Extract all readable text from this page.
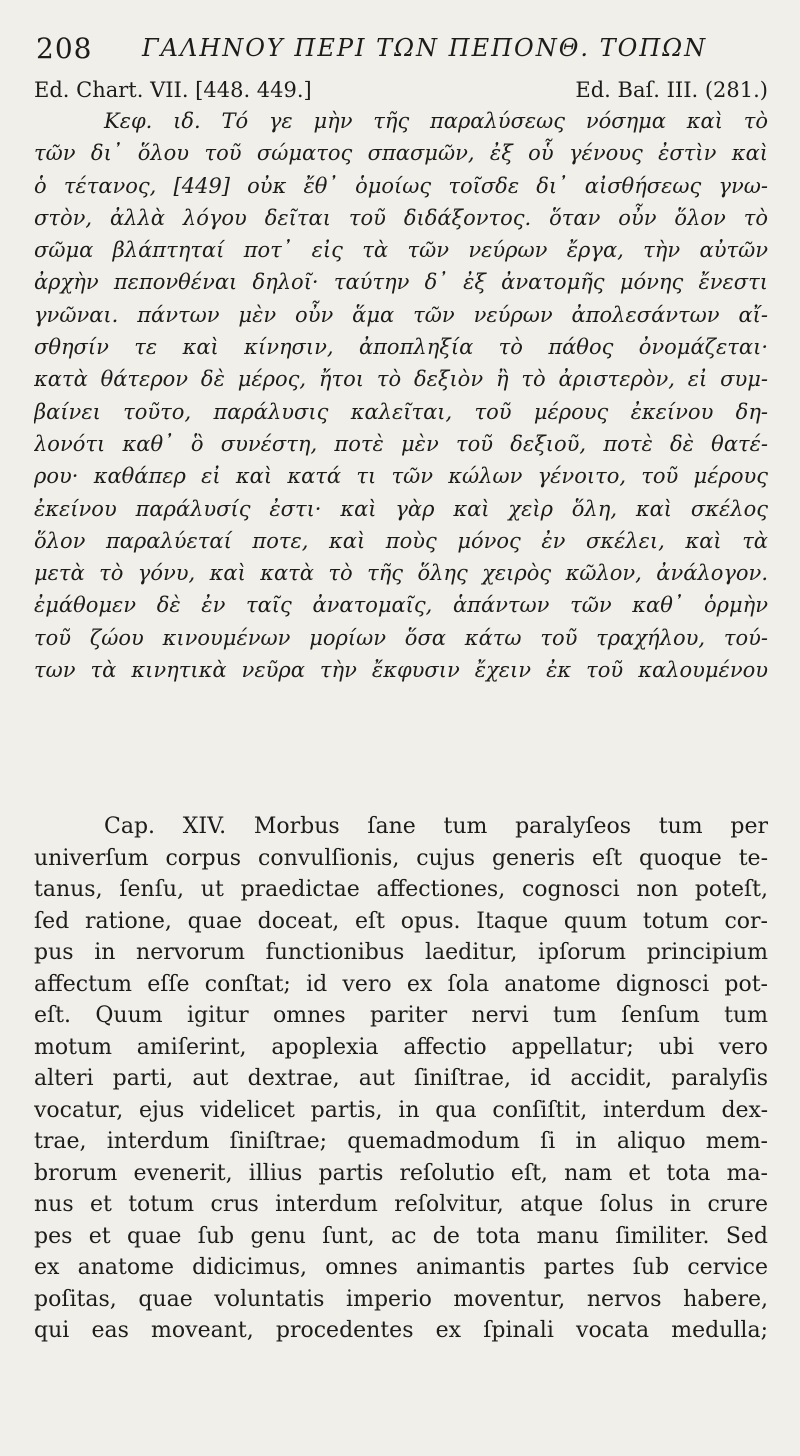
208 ΓΑΛΗΝΟΥ ΠΕΡΙ ΤΩΝ ΠΕΠΟΝΘ. ΤΟΠΩΝ
Ed. Chart. VII. [448. 449.]	Ed. Baſ. III. (281.)
Κεφ. ιδ. Τό γε μὴν τῆς παραλύσεως νόσημα καὶ τὸ
τῶν δι᾽ ὅλου τοῦ σώματος σπασμῶν, ἐξ οὗ γένους ἐστὶν καὶ
ὁ τέτανος, [449] οὐκ ἔθ᾽ ὁμοίως τοῖσδε δι᾽ αἰσθήσεως γνω-
στὸν, ἀλλὰ λόγου δεῖται τοῦ διδάξοντος. ὅταν οὖν ὅλον τὸ
σῶμα βλάπτηταί ποτ᾽ εἰς τὰ τῶν νεύρων ἔργα, τὴν αὐτῶν
ἀρχὴν πεπονθέναι δηλοῖ· ταύτην δ᾽ ἐξ ἀνατομῆς μόνης ἔνεστι
γνῶναι. πάντων μὲν οὖν ἅμα τῶν νεύρων ἀπολεσάντων αἴ-
σθησίν τε καὶ κίνησιν, ἀποπληξία τὸ πάθος ὀνομάζεται·
κατὰ θάτερον δὲ μέρος, ἤτοι τὸ δεξιὸν ἢ τὸ ἀριστερὸν, εἰ συμ-
βαίνει τοῦτο, παράλυσις καλεῖται, τοῦ μέρους ἐκείνου δη-
λονότι καθ᾽ ὃ συνέστη, ποτὲ μὲν τοῦ δεξιοῦ, ποτὲ δὲ θατέ-
ρου· καθάπερ εἰ καὶ κατά τι τῶν κώλων γένοιτο, τοῦ μέρους
ἐκείνου παράλυσίς ἐστι· καὶ γὰρ καὶ χεὶρ ὅλη, καὶ σκέλος
ὅλον παραλύεταί ποτε, καὶ ποὺς μόνος ἐν σκέλει, καὶ τὰ
μετὰ τὸ γόνυ, καὶ κατὰ τὸ τῆς ὅλης χειρὸς κῶλον, ἀνάλογον.
ἐμάθομεν δὲ ἐν ταῖς ἀνατομαῖς, ἁπάντων τῶν καθ᾽ ὁρμὴν
τοῦ ζώου κινουμένων μορίων ὅσα κάτω τοῦ τραχήλου, τού-
των τὰ κινητικὰ νεῦρα τὴν ἔκφυσιν ἔχειν ἐκ τοῦ καλουμένου
Cap. XIV. Morbus ſane tum paralyſeos tum per
univerſum corpus convulſionis, cujus generis eſt quoque te-
tanus, ſenſu, ut praedictae affectiones, cognosci non poteſt,
ſed ratione, quae doceat, eſt opus. Itaque quum totum cor-
pus in nervorum functionibus laeditur, ipſorum principium
affectum eſſe conſtat; id vero ex ſola anatome dignosci pot-
eſt. Quum igitur omnes pariter nervi tum ſenſum tum
motum amiſerint, apoplexia affectio appellatur; ubi vero
alteri parti, aut dextrae, aut ſiniſtrae, id accidit, paralyſis
vocatur, ejus videlicet partis, in qua conſiſtit, interdum dex-
trae, interdum ſiniſtrae; quemadmodum ſi in aliquo mem-
brorum evenerit, illius partis reſolutio eſt, nam et tota ma-
nus et totum crus interdum reſolvitur, atque ſolus in crure
pes et quae ſub genu ſunt, ac de tota manu ſimiliter. Sed
ex anatome didicimus, omnes animantis partes ſub cervice
poſitas, quae voluntatis imperio moventur, nervos habere,
qui eas moveant, procedentes ex ſpinali vocata medulla;
